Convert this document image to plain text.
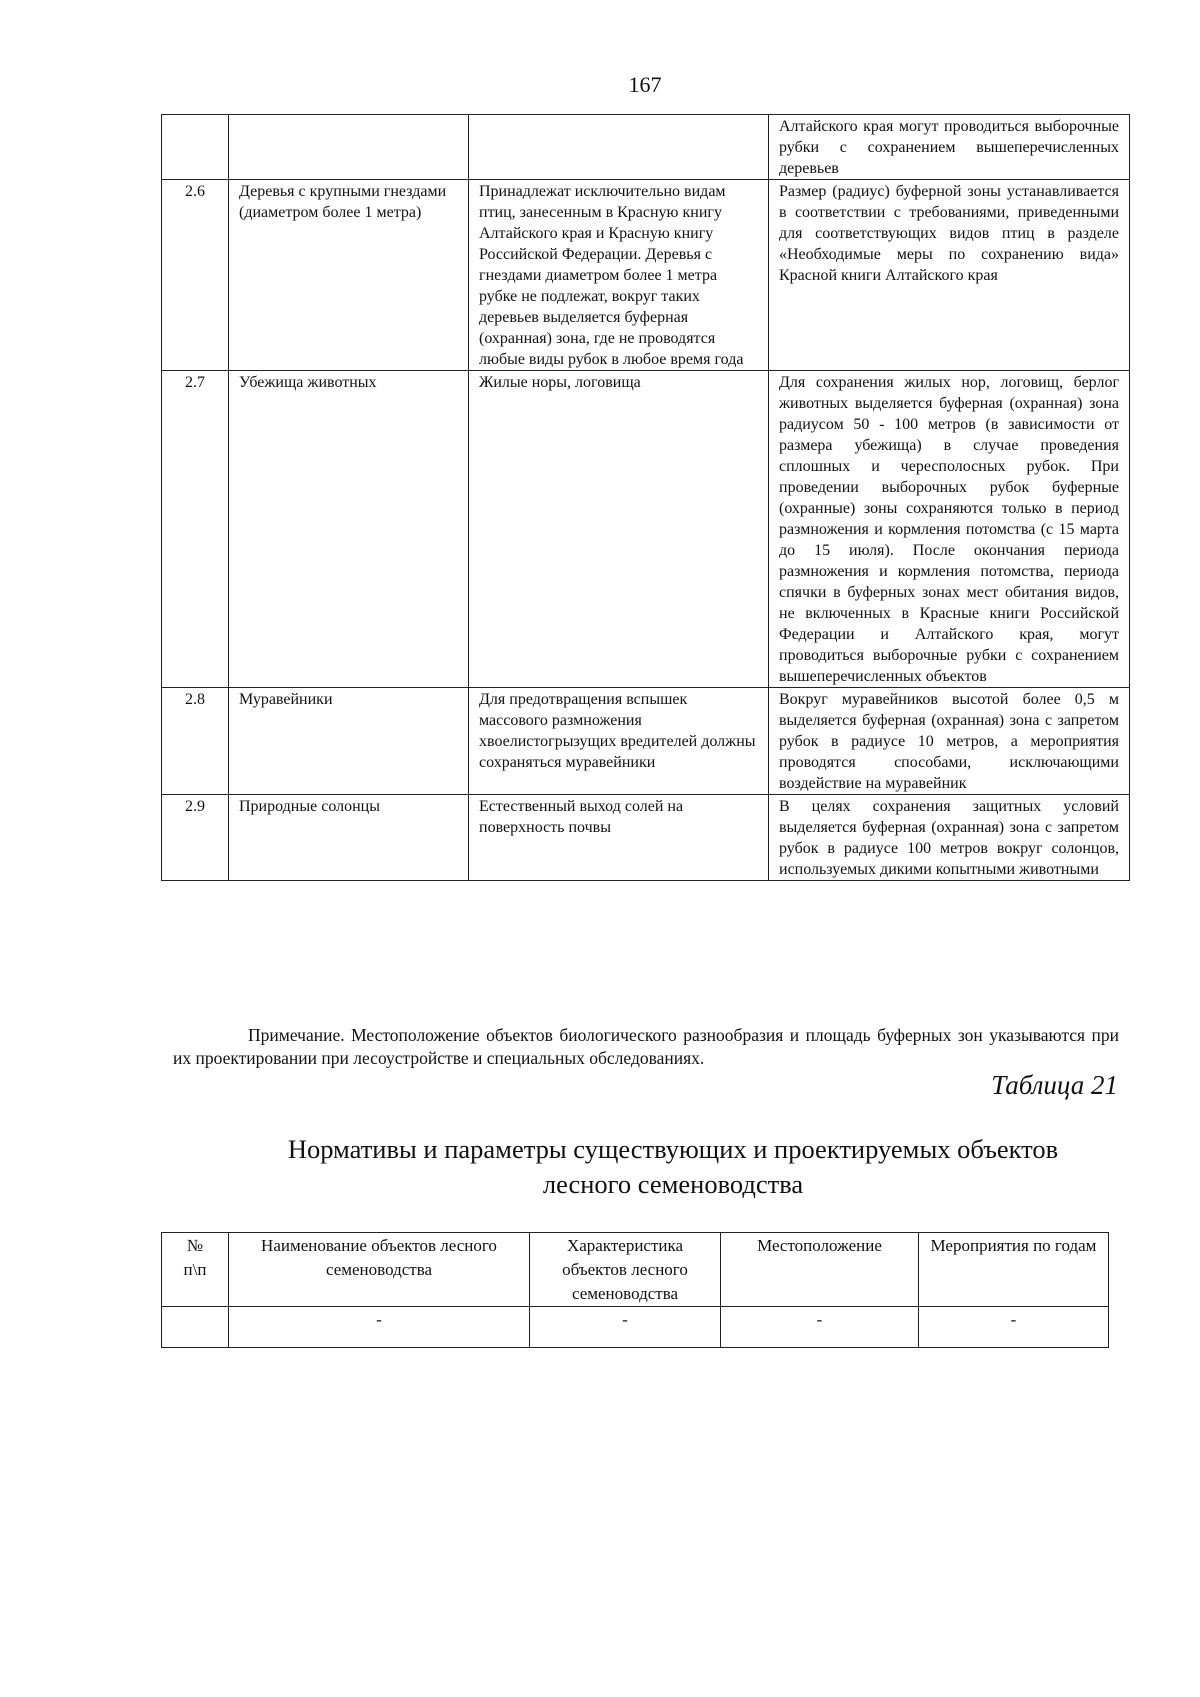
167
			Алтайского края могут проводиться выборочные рубки с сохранением вышеперечисленных деревьев
2.6	Деревья с крупными гнездами (диаметром более 1 метра)	Принадлежат исключительно видам птиц, занесенным в Красную книгу Алтайского края и Красную книгу Российской Федерации. Деревья с гнездами диаметром более 1 метра рубке не подлежат, вокруг таких деревьев выделяется буферная (охранная) зона, где не проводятся любые виды рубок в любое время года	Размер (радиус) буферной зоны устанавливается в соответствии с требованиями, приведенными для соответствующих видов птиц в разделе «Необходимые меры по сохранению вида» Красной книги Алтайского края
2.7	Убежища животных	Жилые норы, логовища	Для сохранения жилых нор, логовищ, берлог животных выделяется буферная (охранная) зона радиусом 50 - 100 метров (в зависимости от размера убежища) в случае проведения сплошных и чересполосных рубок. При проведении выборочных рубок буферные (охранные) зоны сохраняются только в период размножения и кормления потомства (с 15 марта до 15 июля). После окончания периода размножения и кормления потомства, периода спячки в буферных зонах мест обитания видов, не включенных в Красные книги Российской Федерации и Алтайского края, могут проводиться выборочные рубки с сохранением вышеперечисленных объектов
2.8	Муравейники	Для предотвращения вспышек массового размножения хвоелистогрызущих вредителей должны сохраняться муравейники	Вокруг муравейников высотой более 0,5 м выделяется буферная (охранная) зона с запретом рубок в радиусе 10 метров, а мероприятия проводятся способами, исключающими воздействие на муравейник
2.9	Природные солонцы	Естественный выход солей на поверхность почвы	В целях сохранения защитных условий выделяется буферная (охранная) зона с запретом рубок в радиусе 100 метров вокруг солонцов, используемых дикими копытными животными
Примечание. Местоположение объектов биологического разнообразия и площадь буферных зон указываются при их проектировании при лесоустройстве и специальных обследованиях.
Таблица 21
Нормативы и параметры существующих и проектируемых объектов
лесного семеноводства
№
п\п	Наименование объектов лесного семеноводства	Характеристика объектов лесного семеноводства	Местоположение	Мероприятия по годам
	-	-	-	-
